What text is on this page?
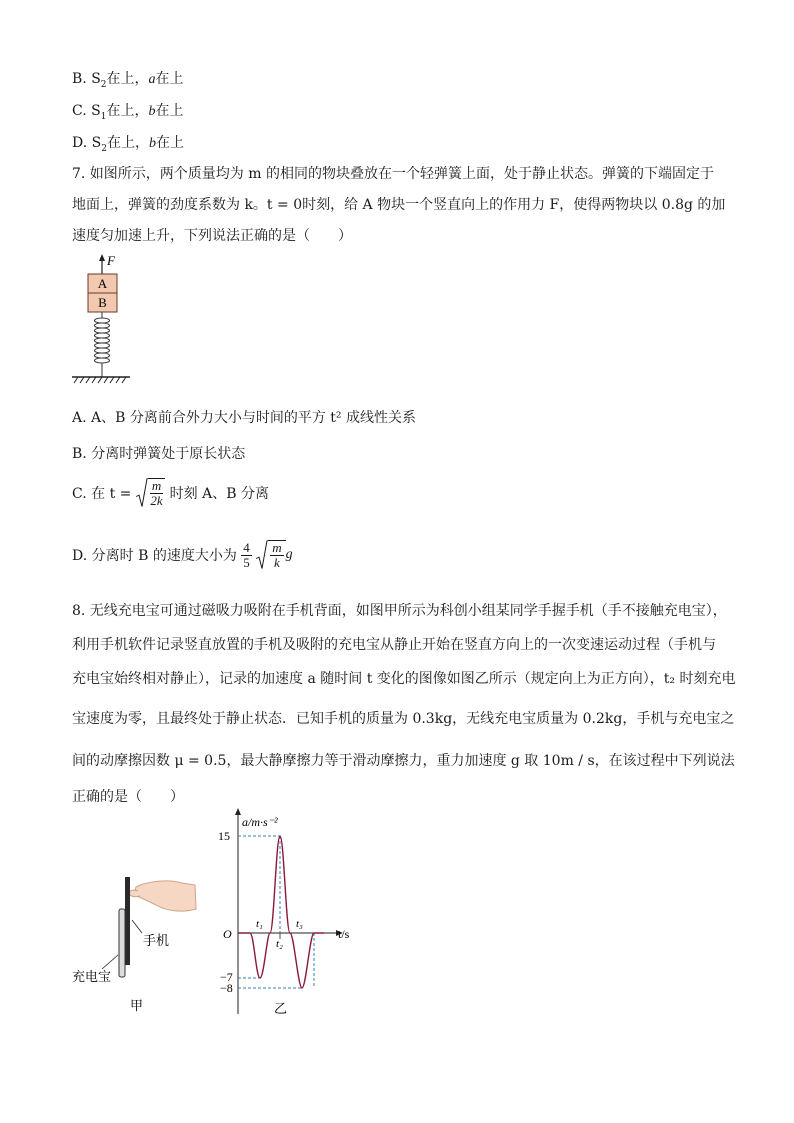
B. $S_2$在上，a在上
C. $S_1$在上，b在上
D. $S_2$在上，b在上
7. 如图所示，两个质量均为 m 的相同的物块叠放在一个轻弹簧上面，处于静止状态。弹簧的下端固定于
地面上，弹簧的劲度系数为 k。t = 0时刻，给 A 物块一个竖直向上的作用力 F，使得两物块以 0.8g 的加
速度匀加速上升，下列说法正确的是（　　）
F
A
B
A. A、B 分离前合外力大小与时间的平方 t² 成线性关系
B. 分离时弹簧处于原长状态
C. 在 $t = \frac{m}{2k}$ 时刻 A、B 分离
D. 分离时 B 的速度大小为 $\frac{4}{5}$
$\frac{m}{k}$ g
8. 无线充电宝可通过磁吸力吸附在手机背面，如图甲所示为科创小组某同学手握手机（手不接触充电宝），
利用手机软件记录竖直放置的手机及吸附的充电宝从静止开始在竖直方向上的一次变速运动过程（手机与
充电宝始终相对静止），记录的加速度 a 随时间 t 变化的图像如图乙所示（规定向上为正方向），t₂ 时刻充电
宝速度为零，且最终处于静止状态．已知手机的质量为 0.3kg，无线充电宝质量为 0.2kg，手机与充电宝之
间的动摩擦因数 μ = 0.5，最大静摩擦力等于滑动摩擦力，重力加速度 g 取 10m / s，在该过程中下列说法
正确的是（　　）
手机
充电宝
甲
a/m·s⁻²
t/s
O
15
−7
−8
t₁
t₂
t₃
乙
